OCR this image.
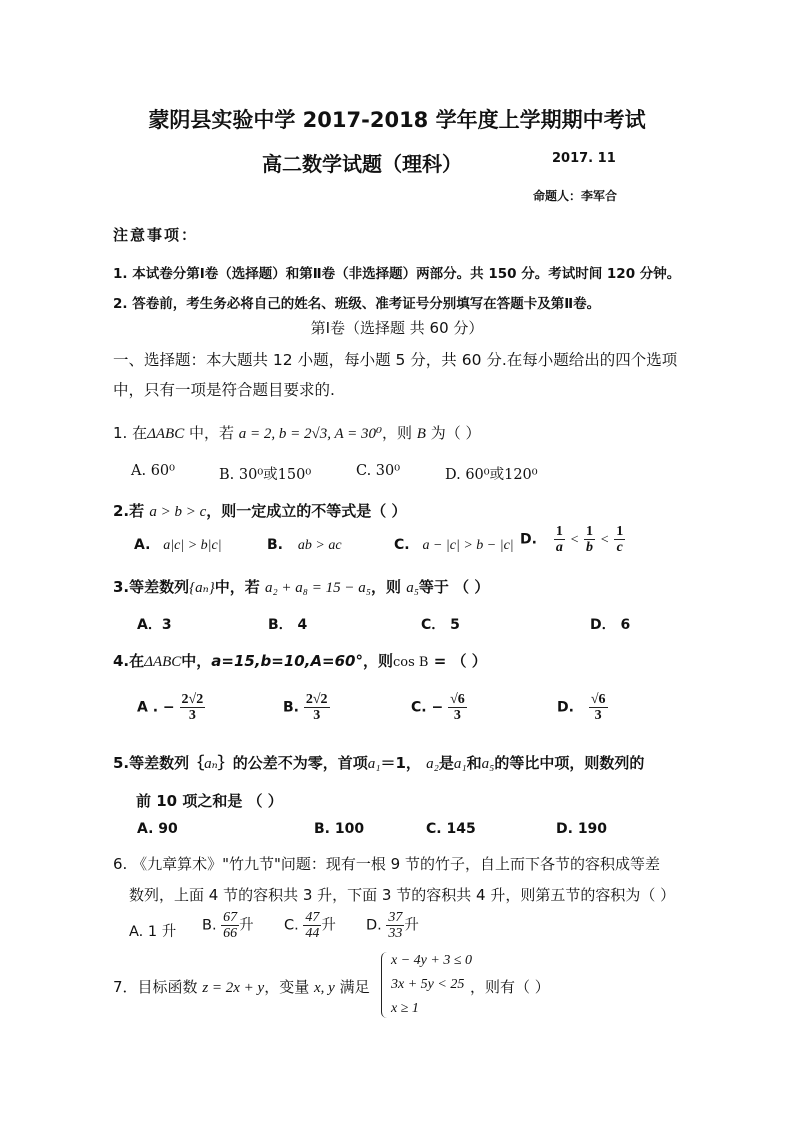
蒙阴县实验中学 2017-2018 学年度上学期期中考试
高二数学试题（理科）	2017. 11
命题人：李军合
注意事项：
1. 本试卷分第Ⅰ卷（选择题）和第Ⅱ卷（非选择题）两部分。共 150 分。考试时间 120 分钟。
2. 答卷前，考生务必将自己的姓名、班级、准考证号分别填写在答题卡及第Ⅱ卷。
第Ⅰ卷（选择题 共 60 分）
一、选择题：本大题共 12 小题，每小题 5 分，共 60 分.在每小题给出的四个选项
中，只有一项是符合题目要求的.
1. 在ΔABC 中，若 a = 2, b = 2√3, A = 30⁰，则 B 为（ ）
A. 60⁰	B. 30⁰或150⁰	C. 30⁰	D. 60⁰或120⁰
2.若 a > b > c，则一定成立的不等式是（ ）
A. a|c| > b|c|	B. ab > ac	C. a − |c| > b − |c| D. $\frac{1}{a} < \frac{1}{b} < \frac{1}{c}$
3.等差数列{aₙ}中，若 a₂ + a₈ = 15 − a₅，则 a₅等于 （ ）
A．3	B． 4	C． 5	D． 6
4.在ΔABC中，a=15,b=10,A=60°，则cos B = （ ）
A . − $\frac{2√2}{3}$	B. $\frac{2√2}{3}$	C. − $\frac{√6}{3}$	D. $\frac{√6}{3}$
5.等差数列｛aₙ｝的公差不为零，首项a₁＝1， a₂是a₁和a₅的等比中项，则数列的
前 10 项之和是 （ ）
A. 90	B. 100	C. 145	D. 190
6. 《九章算术》"竹九节"问题：现有一根 9 节的竹子，自上而下各节的容积成等差
数列，上面 4 节的容积共 3 升，下面 3 节的容积共 4 升，则第五节的容积为（ ）
A. 1 升 B. $\frac{67}{66}$ 升 C. $\frac{47}{44}$ 升 D. $\frac{37}{33}$ 升
7．目标函数 z = 2x + y，变量 x, y 满足
x − 4y + 3 ≤ 0
3x + 5y < 25
x ≥ 1
，则有（ ）
